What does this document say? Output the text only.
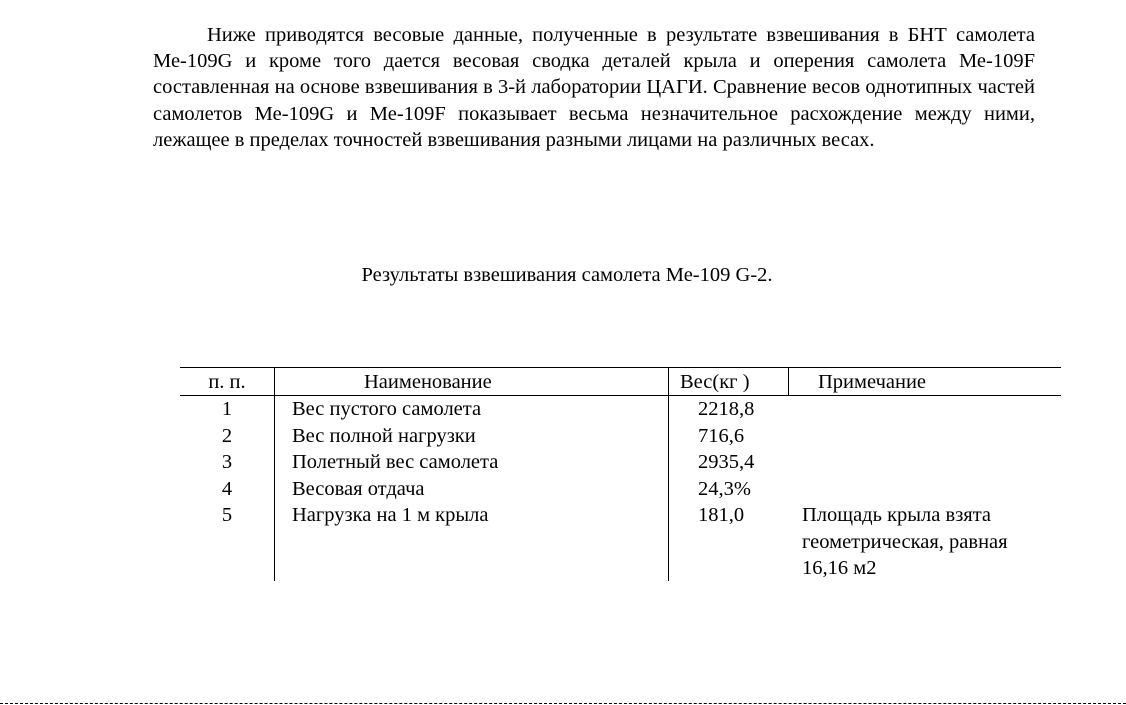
Ниже приводятся весовые данные, полученные в результате взвешивания в БНТ самолета Ме-109G и кроме того дается весовая сводка деталей крыла и оперения самолета Ме-109F составленная на основе взвешивания в 3-й лаборатории ЦАГИ. Сравнение весов однотипных частей самолетов Ме-109G и Ме-109F показывает весьма незначительное расхождение между ними, лежащее в пределах точностей взвешивания разными лицами на различных весах.

Результаты взвешивания самолета Ме-109 G-2.

п. п.	Наименование	Вес(кг )	Примечание
1	Вес пустого самолета	2218,8
2	Вес полной нагрузки	716,6
3	Полетный вес самолета	2935,4
4	Весовая отдача	24,3%
5	Нагрузка на 1 м крыла	181,0	Площадь крыла взята геометрическая, равная 16,16 м2
